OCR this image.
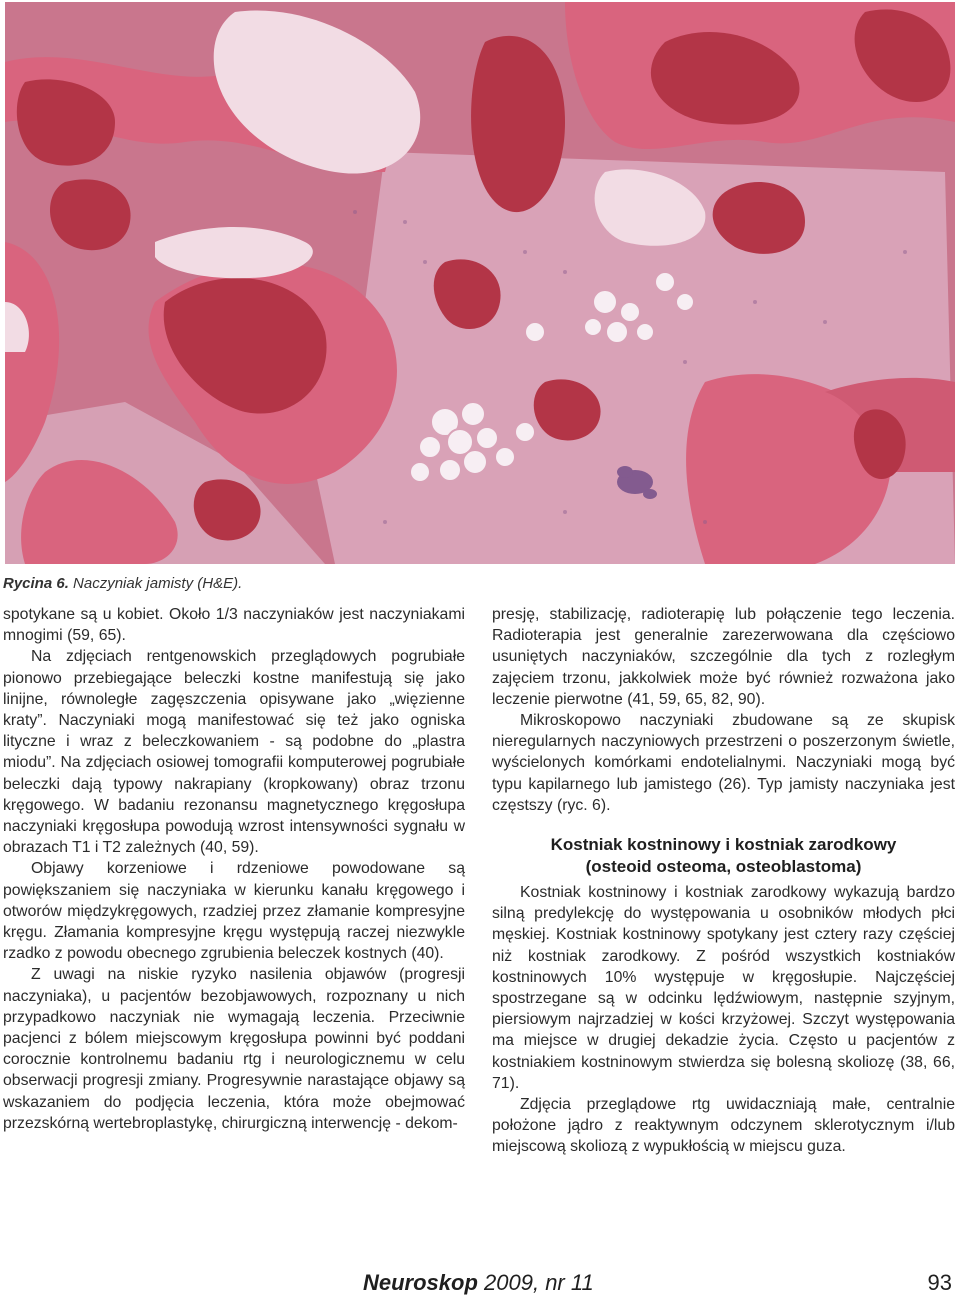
Rycina 6. Naczyniak jamisty (H&E).

spotykane są u kobiet. Około 1/3 naczyniaków jest naczyniakami mnogimi (59, 65).

Na zdjęciach rentgenowskich przeglądowych pogrubiałe pionowo przebiegające beleczki kostne manifestują się jako linijne, równoległe zagęszczenia opisywane jako „więzienne kraty”. Naczyniaki mogą manifestować się też jako ogniska lityczne i wraz z beleczkowaniem - są podobne do „plastra miodu”. Na zdjęciach osiowej tomografii komputerowej pogrubiałe beleczki dają typowy nakrapiany (kropkowany) obraz trzonu kręgowego. W badaniu rezonansu magnetycznego kręgosłupa naczyniaki kręgosłupa powodują wzrost intensywności sygnału w obrazach T1 i T2 zależnych (40, 59).

Objawy korzeniowe i rdzeniowe powodowane są powiększaniem się naczyniaka w kierunku kanału kręgowego i otworów międzykręgowych, rzadziej przez złamanie kompresyjne kręgu. Złamania kompresyjne kręgu występują raczej niezwykle rzadko z powodu obecnego zgrubienia beleczek kostnych (40).

Z uwagi na niskie ryzyko nasilenia objawów (progresji naczyniaka), u pacjentów bezobjawowych, rozpoznany u nich przypadkowo naczyniak nie wymagają leczenia. Przeciwnie pacjenci z bólem miejscowym kręgosłupa powinni być poddani corocznie kontrolnemu badaniu rtg i neurologicznemu w celu obserwacji progresji zmiany. Progresywnie narastające objawy są wskazaniem do podjęcia leczenia, która może obejmować przezskórną wertebroplastykę, chirurgiczną interwencję - dekom-

presję, stabilizację, radioterapię lub połączenie tego leczenia. Radioterapia jest generalnie zarezerwowana dla częściowo usuniętych naczyniaków, szczególnie dla tych z rozległym zajęciem trzonu, jakkolwiek może być również rozważona jako leczenie pierwotne (41, 59, 65, 82, 90).

Mikroskopowo naczyniaki zbudowane są ze skupisk nieregularnych naczyniowych przestrzeni o poszerzonym świetle, wyścielonych komórkami endotelialnymi. Naczyniaki mogą być typu kapilarnego lub jamistego (26). Typ jamisty naczyniaka jest częstszy (ryc. 6).

Kostniak kostninowy i kostniak zarodkowy
(osteoid osteoma, osteoblastoma)

Kostniak kostninowy i kostniak zarodkowy wykazują bardzo silną predylekcję do występowania u osobników młodych płci męskiej. Kostniak kostninowy spotykany jest cztery razy częściej niż kostniak zarodkowy. Z pośród wszystkich kostniaków kostninowych 10% występuje w kręgosłupie. Najczęściej spostrzegane są w odcinku lędźwiowym, następnie szyjnym, piersiowym najrzadziej w kości krzyżowej. Szczyt występowania ma miejsce w drugiej dekadzie życia. Często u pacjentów z kostniakiem kostninowym stwierdza się bolesną skoliozę (38, 66, 71).

Zdjęcia przeglądowe rtg uwidaczniają małe, centralnie położone jądro z reaktywnym odczynem sklerotycznym i/lub miejscową skoliozą z wypukłością w miejscu guza.

Neuroskop 2009, nr 11	93
